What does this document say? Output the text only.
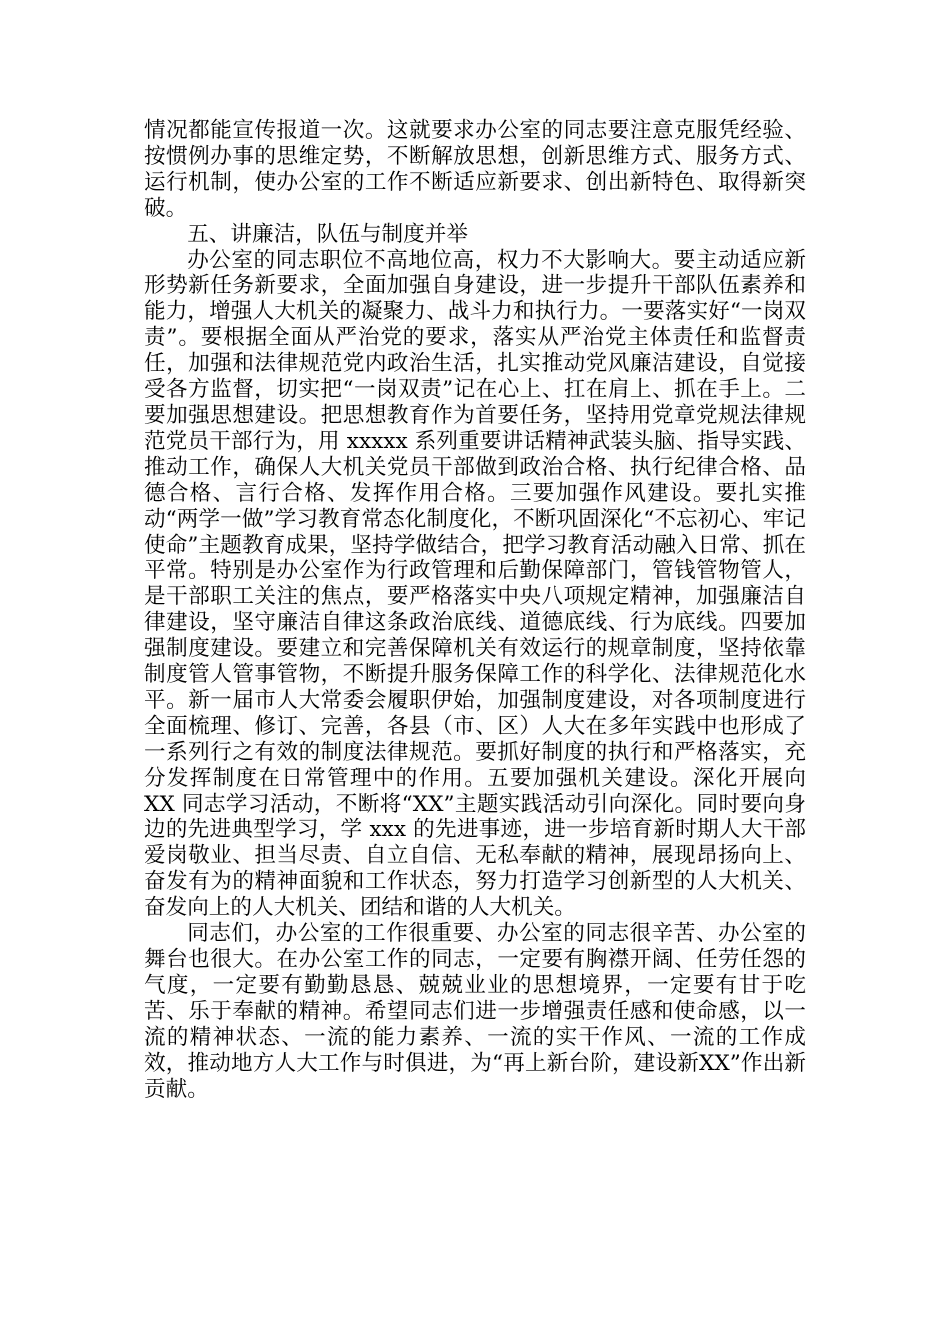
情况都能宣传报道一次。这就要求办公室的同志要注意克服凭经验、按惯例办事的思维定势，不断解放思想，创新思维方式、服务方式、运行机制，使办公室的工作不断适应新要求、创出新特色、取得新突破。

五、讲廉洁，队伍与制度并举

办公室的同志职位不高地位高，权力不大影响大。要主动适应新形势新任务新要求，全面加强自身建设，进一步提升干部队伍素养和能力，增强人大机关的凝聚力、战斗力和执行力。一要落实好“一岗双责”。要根据全面从严治党的要求，落实从严治党主体责任和监督责任，加强和法律规范党内政治生活，扎实推动党风廉洁建设，自觉接受各方监督，切实把“一岗双责”记在心上、扛在肩上、抓在手上。二要加强思想建设。把思想教育作为首要任务，坚持用党章党规法律规范党员干部行为，用 xxxxx 系列重要讲话精神武装头脑、指导实践、推动工作，确保人大机关党员干部做到政治合格、执行纪律合格、品德合格、言行合格、发挥作用合格。三要加强作风建设。要扎实推动“两学一做”学习教育常态化制度化，不断巩固深化“不忘初心、牢记使命”主题教育成果，坚持学做结合，把学习教育活动融入日常、抓在平常。特别是办公室作为行政管理和后勤保障部门，管钱管物管人，是干部职工关注的焦点，要严格落实中央八项规定精神，加强廉洁自律建设，坚守廉洁自律这条政治底线、道德底线、行为底线。四要加强制度建设。要建立和完善保障机关有效运行的规章制度，坚持依靠制度管人管事管物，不断提升服务保障工作的科学化、法律规范化水平。新一届市人大常委会履职伊始，加强制度建设，对各项制度进行全面梳理、修订、完善，各县（市、区）人大在多年实践中也形成了一系列行之有效的制度法律规范。要抓好制度的执行和严格落实，充分发挥制度在日常管理中的作用。五要加强机关建设。深化开展向 XX 同志学习活动，不断将“XX”主题实践活动引向深化。同时要向身边的先进典型学习，学 xxx 的先进事迹，进一步培育新时期人大干部爱岗敬业、担当尽责、自立自信、无私奉献的精神，展现昂扬向上、奋发有为的精神面貌和工作状态，努力打造学习创新型的人大机关、奋发向上的人大机关、团结和谐的人大机关。

同志们，办公室的工作很重要、办公室的同志很辛苦、办公室的舞台也很大。在办公室工作的同志，一定要有胸襟开阔、任劳任怨的气度，一定要有勤勤恳恳、兢兢业业的思想境界，一定要有甘于吃苦、乐于奉献的精神。希望同志们进一步增强责任感和使命感，以一流的精神状态、一流的能力素养、一流的实干作风、一流的工作成效，推动地方人大工作与时俱进，为“再上新台阶，建设新XX”作出新贡献。
